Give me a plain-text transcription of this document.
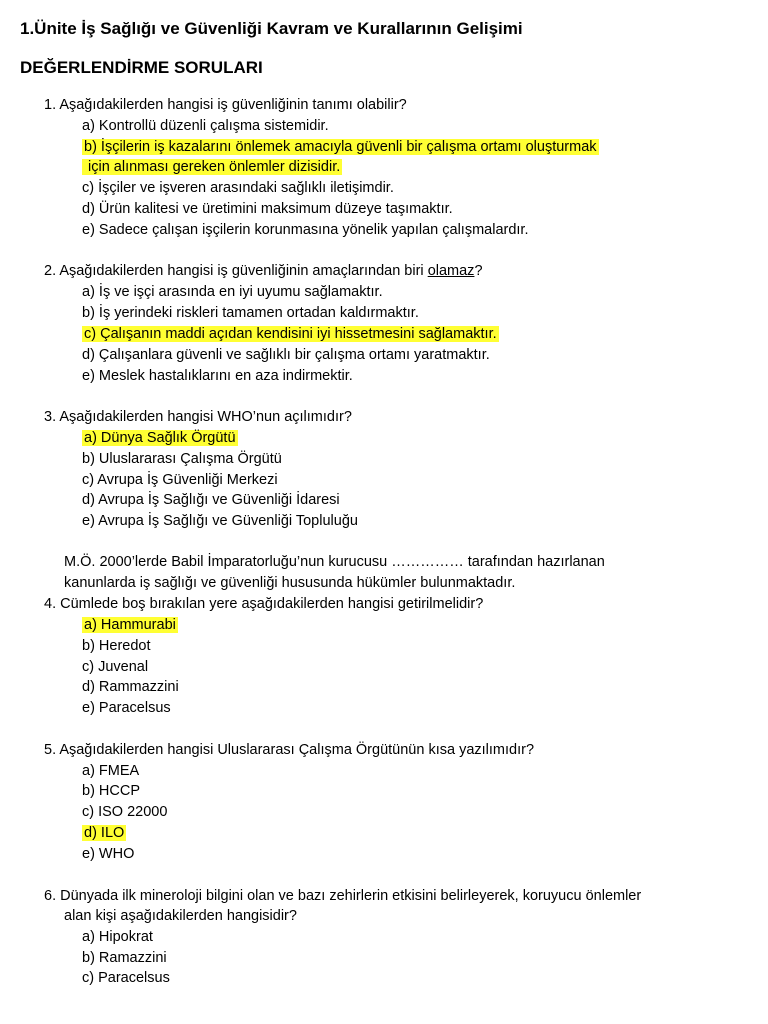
1.Ünite İş Sağlığı ve Güvenliği Kavram ve Kurallarının Gelişimi
DEĞERLENDİRME SORULARI
1. Aşağıdakilerden hangisi iş güvenliğinin tanımı olabilir?
a) Kontrollü düzenli çalışma sistemidir.
b) İşçilerin iş kazalarını önlemek amacıyla güvenli bir çalışma ortamı oluşturmak
için alınması gereken önlemler dizisidir.
c) İşçiler ve işveren arasındaki sağlıklı iletişimdir.
d) Ürün kalitesi ve üretimini maksimum düzeye taşımaktır.
e) Sadece çalışan işçilerin korunmasına yönelik yapılan çalışmalardır.
2. Aşağıdakilerden hangisi iş güvenliğinin amaçlarından biri olamaz?
a) İş ve işçi arasında en iyi uyumu sağlamaktır.
b) İş yerindeki riskleri tamamen ortadan kaldırmaktır.
c) Çalışanın maddi açıdan kendisini iyi hissetmesini sağlamaktır.
d) Çalışanlara güvenli ve sağlıklı bir çalışma ortamı yaratmaktır.
e) Meslek hastalıklarını en aza indirmektir.
3. Aşağıdakilerden hangisi WHO’nun açılımıdır?
a) Dünya Sağlık Örgütü
b) Uluslararası Çalışma Örgütü
c) Avrupa İş Güvenliği Merkezi
d) Avrupa İş Sağlığı ve Güvenliği İdaresi
e) Avrupa İş Sağlığı ve Güvenliği Topluluğu
M.Ö. 2000’lerde Babil İmparatorluğu’nun kurucusu …………… tarafından hazırlanan
kanunlarda iş sağlığı ve güvenliği hususunda hükümler bulunmaktadır.
4. Cümlede boş bırakılan yere aşağıdakilerden hangisi getirilmelidir?
a) Hammurabi
b) Heredot
c) Juvenal
d) Rammazzini
e) Paracelsus
5. Aşağıdakilerden hangisi Uluslararası Çalışma Örgütünün kısa yazılımıdır?
a) FMEA
b) HCCP
c) ISO 22000
d) ILO
e) WHO
6. Dünyada ilk mineroloji bilgini olan ve bazı zehirlerin etkisini belirleyerek, koruyucu önlemler
alan kişi aşağıdakilerden hangisidir?
a) Hipokrat
b) Ramazzini
c) Paracelsus
